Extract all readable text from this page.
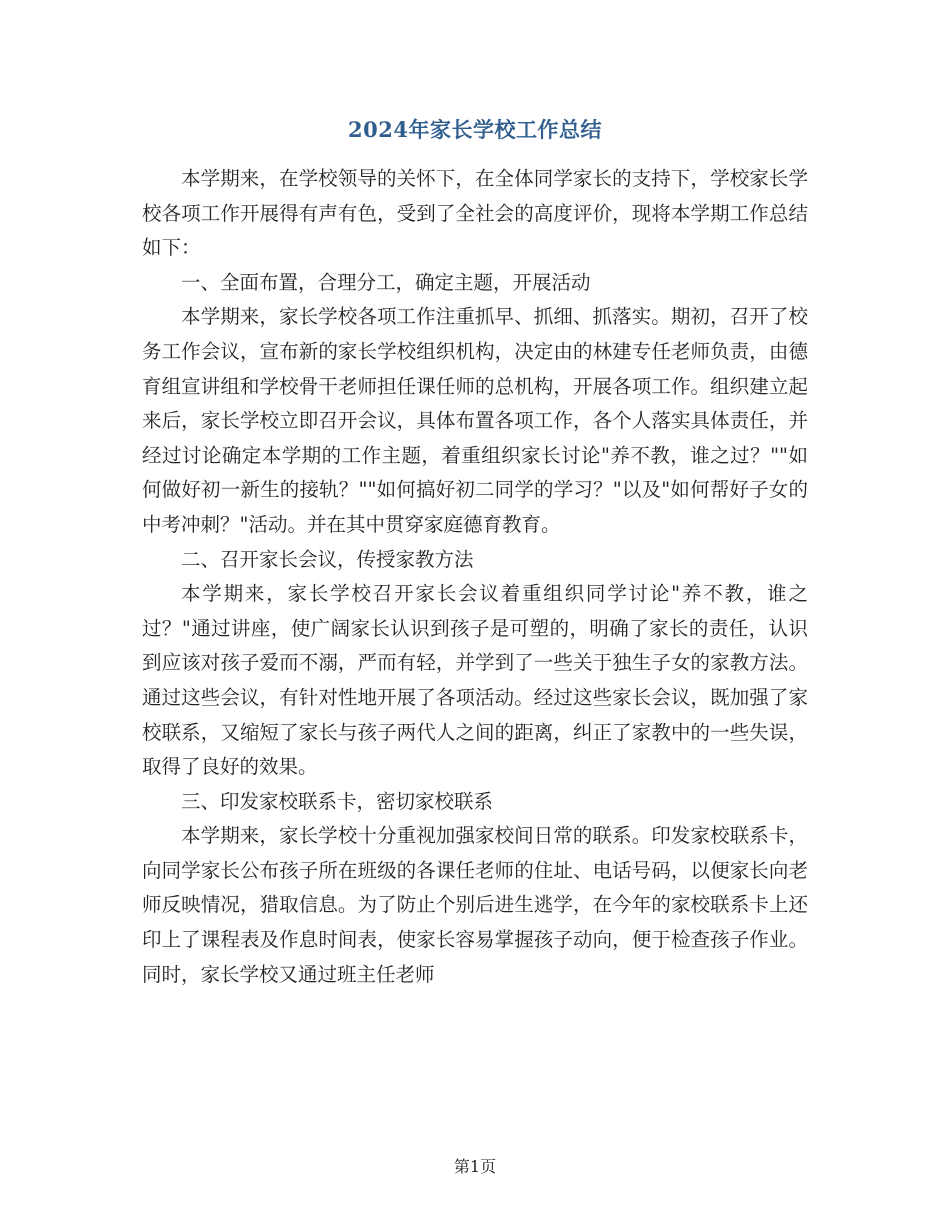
2024年家长学校工作总结

本学期来，在学校领导的关怀下，在全体同学家长的支持下，学校家长学校各项工作开展得有声有色，受到了全社会的高度评价，现将本学期工作总结如下：

一、全面布置，合理分工，确定主题，开展活动

本学期来，家长学校各项工作注重抓早、抓细、抓落实。期初，召开了校务工作会议，宣布新的家长学校组织机构，决定由的林建专任老师负责，由德育组宣讲组和学校骨干老师担任课任师的总机构，开展各项工作。组织建立起来后，家长学校立即召开会议，具体布置各项工作，各个人落实具体责任，并经过讨论确定本学期的工作主题，着重组织家长讨论"养不教，谁之过？""如何做好初一新生的接轨？""如何搞好初二同学的学习？"以及"如何帮好子女的中考冲刺？"活动。并在其中贯穿家庭德育教育。

二、召开家长会议，传授家教方法

本学期来，家长学校召开家长会议着重组织同学讨论"养不教，谁之过？"通过讲座，使广阔家长认识到孩子是可塑的，明确了家长的责任，认识到应该对孩子爱而不溺，严而有轻，并学到了一些关于独生子女的家教方法。通过这些会议，有针对性地开展了各项活动。经过这些家长会议，既加强了家校联系，又缩短了家长与孩子两代人之间的距离，纠正了家教中的一些失误，取得了良好的效果。

三、印发家校联系卡，密切家校联系

本学期来，家长学校十分重视加强家校间日常的联系。印发家校联系卡，向同学家长公布孩子所在班级的各课任老师的住址、电话号码，以便家长向老师反映情况，猎取信息。为了防止个别后进生逃学，在今年的家校联系卡上还印上了课程表及作息时间表，使家长容易掌握孩子动向，便于检查孩子作业。同时，家长学校又通过班主任老师

第1页
